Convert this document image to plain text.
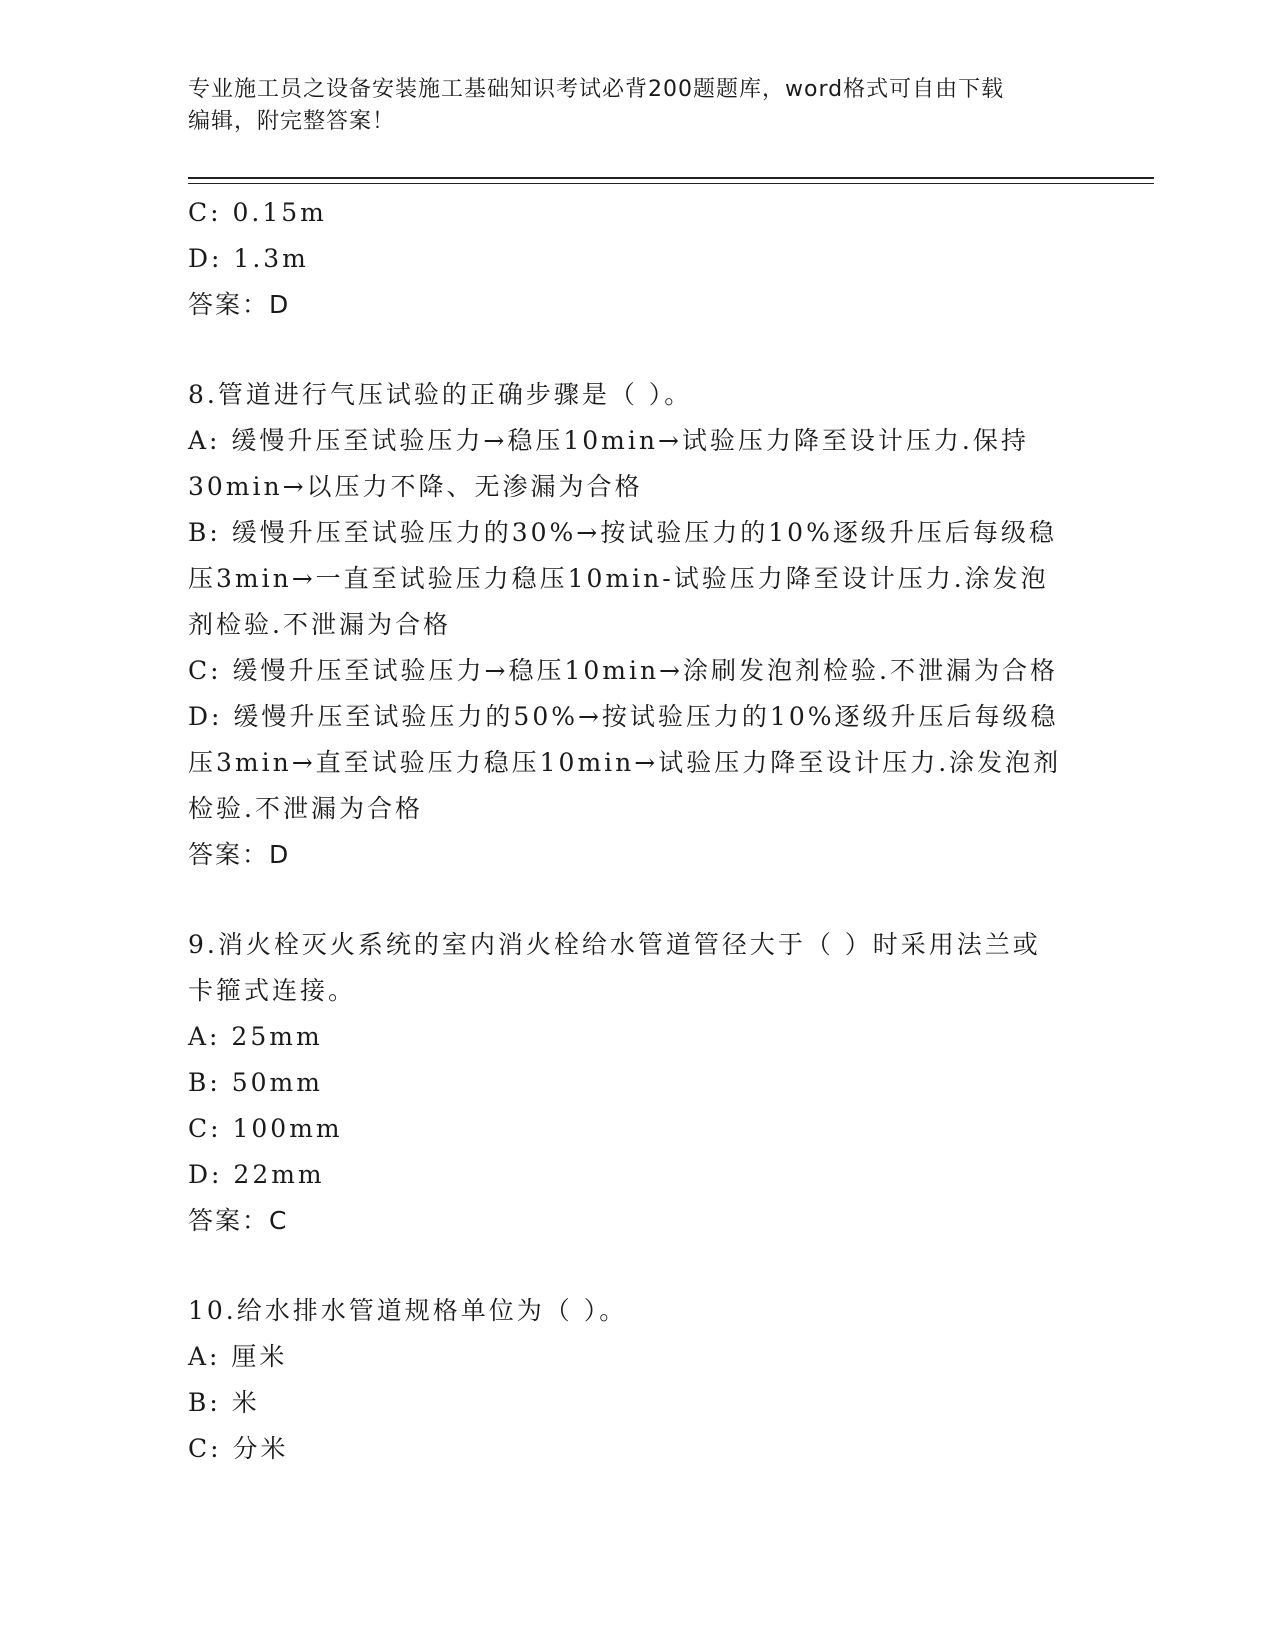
专业施工员之设备安装施工基础知识考试必背200题题库，word格式可自由下载
编辑，附完整答案！
C: 0.15m
D: 1.3m
答案：D
8.管道进行气压试验的正确步骤是（ ）。
A: 缓慢升压至试验压力→稳压10min→试验压力降至设计压力.保持
30min→以压力不降、无渗漏为合格
B: 缓慢升压至试验压力的30%→按试验压力的10%逐级升压后每级稳
压3min→一直至试验压力稳压10min-试验压力降至设计压力.涂发泡
剂检验.不泄漏为合格
C: 缓慢升压至试验压力→稳压10min→涂刷发泡剂检验.不泄漏为合格
D: 缓慢升压至试验压力的50%→按试验压力的10%逐级升压后每级稳
压3min→直至试验压力稳压10min→试验压力降至设计压力.涂发泡剂
检验.不泄漏为合格
答案：D
9.消火栓灭火系统的室内消火栓给水管道管径大于（ ）时采用法兰或
卡箍式连接。
A: 25mm
B: 50mm
C: 100mm
D: 22mm
答案：C
10.给水排水管道规格单位为（ ）。
A: 厘米
B: 米
C: 分米
